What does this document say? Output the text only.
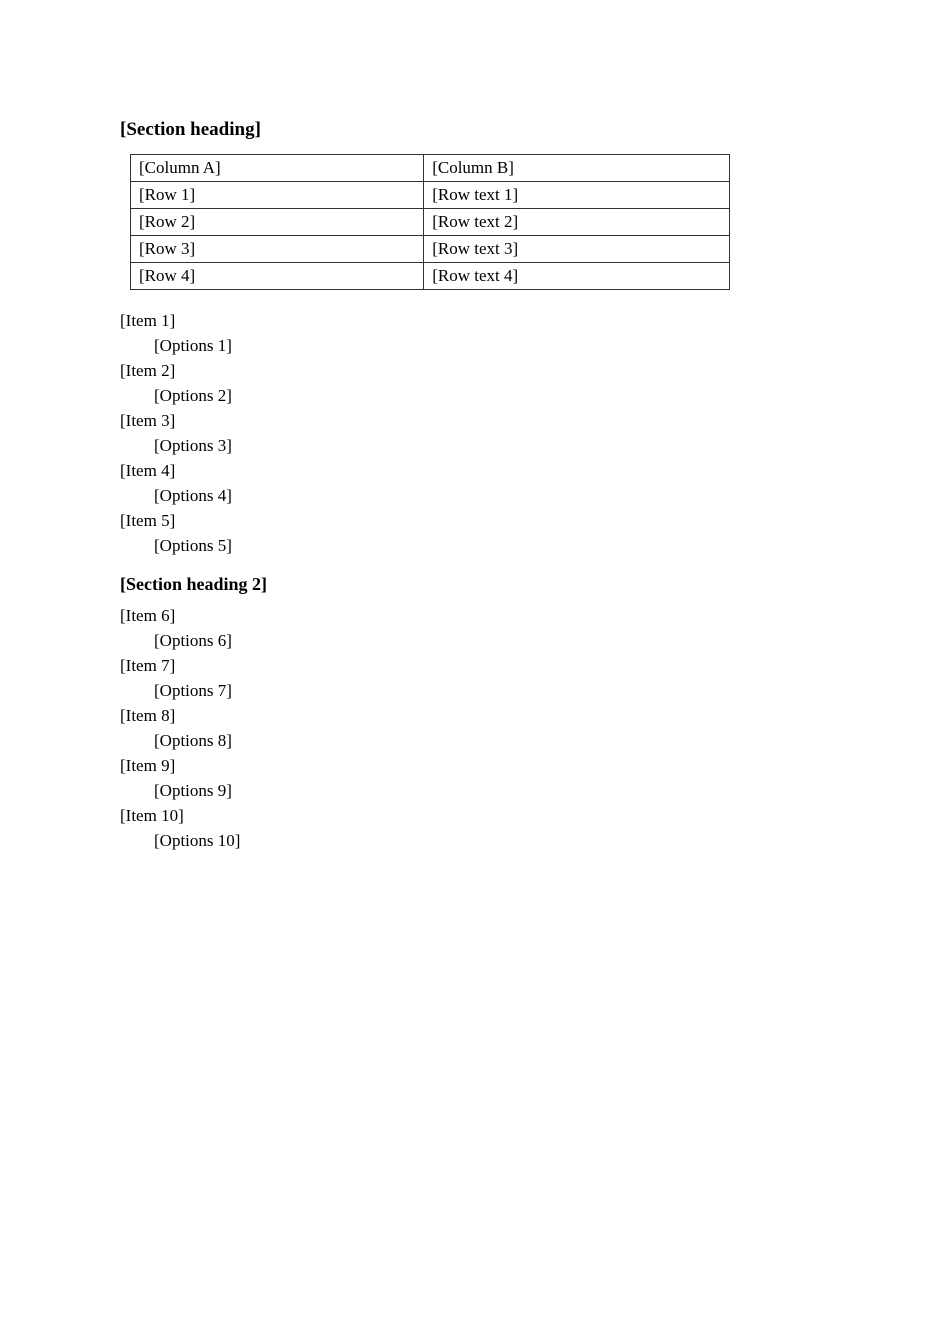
[Section heading]
[Column A]	[Column B]
[Row 1]	[Row text 1]
[Row 2]	[Row text 2]
[Row 3]	[Row text 3]
[Row 4]	[Row text 4]
[Item 1]
[Options 1]
[Item 2]
[Options 2]
[Item 3]
[Options 3]
[Item 4]
[Options 4]
[Item 5]
[Options 5]
[Section heading 2]
[Item 6]
[Options 6]
[Item 7]
[Options 7]
[Item 8]
[Options 8]
[Item 9]
[Options 9]
[Item 10]
[Options 10]
